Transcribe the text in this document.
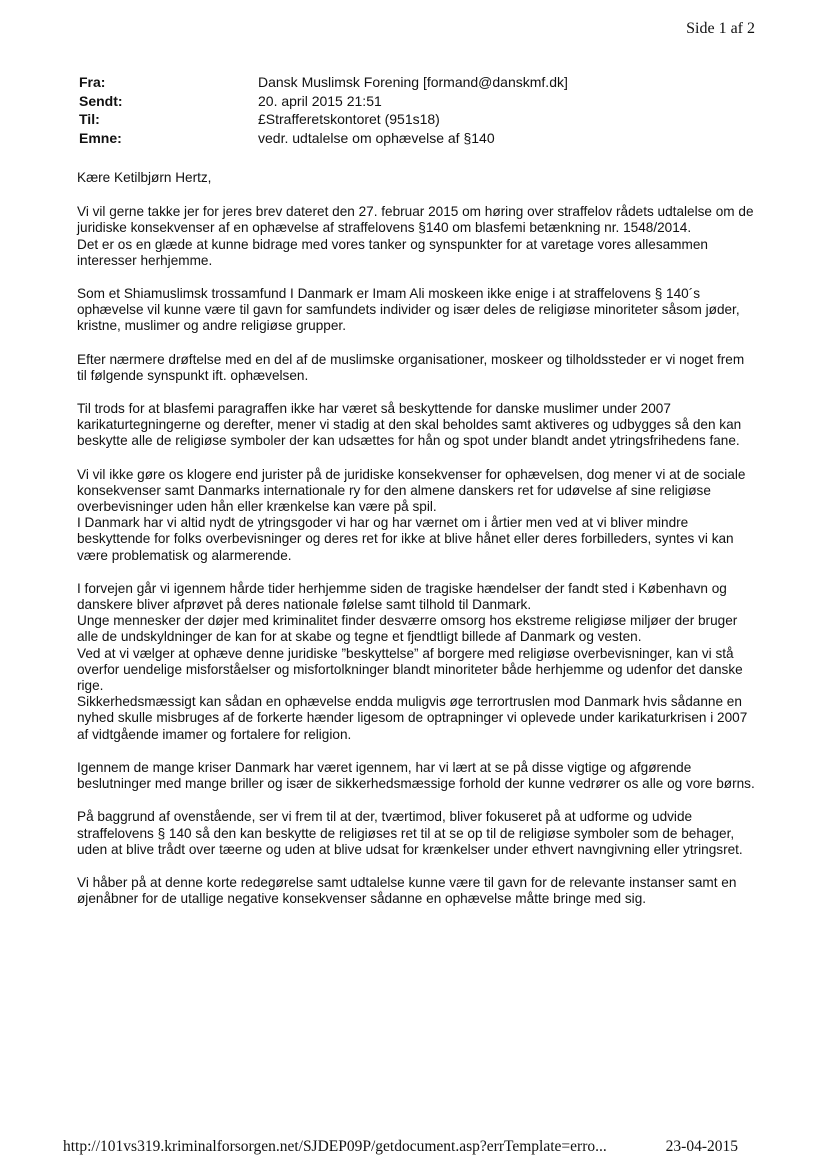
Side 1 af 2
Fra:	Dansk Muslimsk Forening [formand@danskmf.dk]
Sendt:	20. april 2015 21:51
Til:	£Strafferetskontoret (951s18)
Emne:	vedr. udtalelse om ophævelse af §140

Kære Ketilbjørn Hertz,

Vi vil gerne takke jer for jeres brev dateret den 27. februar 2015 om høring over straffelov rådets udtalelse om de juridiske konsekvenser af en ophævelse af straffelovens §140 om blasfemi betænkning nr. 1548/2014.
Det er os en glæde at kunne bidrage med vores tanker og synspunkter for at varetage vores allesammen interesser herhjemme.

Som et Shiamuslimsk trossamfund I Danmark er Imam Ali moskeen ikke enige i at straffelovens § 140´s ophævelse vil kunne være til gavn for samfundets individer og især deles de religiøse minoriteter såsom jøder, kristne, muslimer og andre religiøse grupper.

Efter nærmere drøftelse med en del af de muslimske organisationer, moskeer og tilholdssteder er vi noget frem til følgende synspunkt ift. ophævelsen.

Til trods for at blasfemi paragraffen ikke har været så beskyttende for danske muslimer under 2007 karikaturtegningerne og derefter, mener vi stadig at den skal beholdes samt aktiveres og udbygges så den kan beskytte alle de religiøse symboler der kan udsættes for hån og spot under blandt andet ytringsfrihedens fane.

Vi vil ikke gøre os klogere end jurister på de juridiske konsekvenser for ophævelsen, dog mener vi at de sociale konsekvenser samt Danmarks internationale ry for den almene danskers ret for udøvelse af sine religiøse overbevisninger uden hån eller krænkelse kan være på spil.
I Danmark har vi altid nydt de ytringsgoder vi har og har værnet om i årtier men ved at vi bliver mindre beskyttende for folks overbevisninger og deres ret for ikke at blive hånet eller deres forbilleders, syntes vi kan være problematisk og alarmerende.

I forvejen går vi igennem hårde tider herhjemme siden de tragiske hændelser der fandt sted i København og danskere bliver afprøvet på deres nationale følelse samt tilhold til Danmark.
Unge mennesker der døjer med kriminalitet finder desværre omsorg hos ekstreme religiøse miljøer der bruger alle de undskyldninger de kan for at skabe og tegne et fjendtligt billede af Danmark og vesten.
Ved at vi vælger at ophæve denne juridiske ”beskyttelse” af borgere med religiøse overbevisninger, kan vi stå overfor uendelige misforståelser og misfortolkninger blandt minoriteter både herhjemme og udenfor det danske rige.
Sikkerhedsmæssigt kan sådan en ophævelse endda muligvis øge terrortruslen mod Danmark hvis sådanne en nyhed skulle misbruges af de forkerte hænder ligesom de optrapninger vi oplevede under karikaturkrisen i 2007 af vidtgående imamer og fortalere for religion.

Igennem de mange kriser Danmark har været igennem, har vi lært at se på disse vigtige og afgørende beslutninger med mange briller og især de sikkerhedsmæssige forhold der kunne vedrører os alle og vore børns.

På baggrund af ovenstående, ser vi frem til at der, tværtimod, bliver fokuseret på at udforme og udvide straffelovens § 140 så den kan beskytte de religiøses ret til at se op til de religiøse symboler som de behager, uden at blive trådt over tæerne og uden at blive udsat for krænkelser under ethvert navngivning eller ytringsret.

Vi håber på at denne korte redegørelse samt udtalelse kunne være til gavn for de relevante instanser samt en øjenåbner for de utallige negative konsekvenser sådanne en ophævelse måtte bringe med sig.

http://101vs319.kriminalforsorgen.net/SJDEP09P/getdocument.asp?errTemplate=erro...	23-04-2015
